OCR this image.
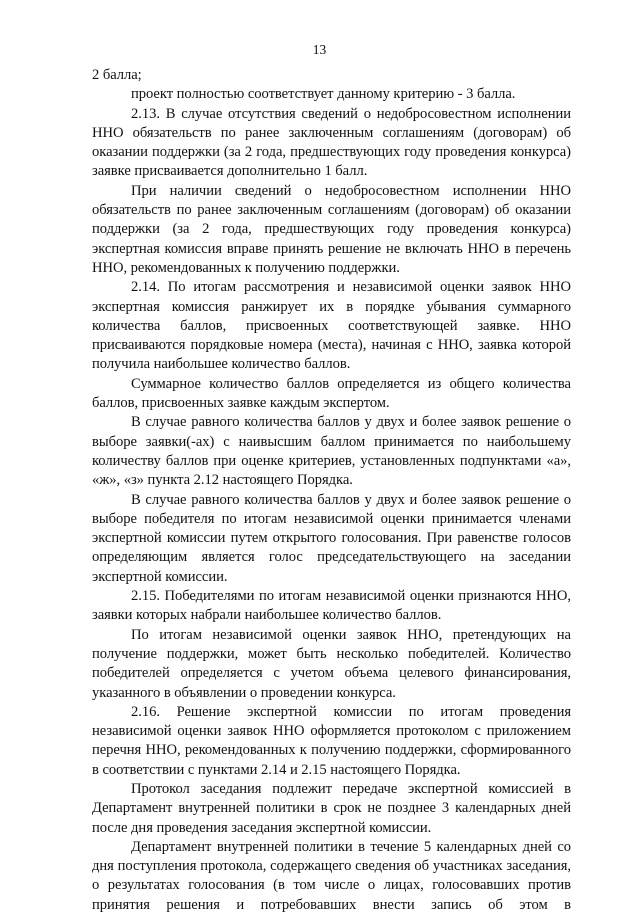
13

2 балла;

проект полностью соответствует данному критерию - 3 балла.

2.13. В случае отсутствия сведений о недобросовестном исполнении ННО обязательств по ранее заключенным соглашениям (договорам) об оказании поддержки (за 2 года, предшествующих году проведения конкурса) заявке присваивается дополнительно 1 балл.

При наличии сведений о недобросовестном исполнении ННО обязательств по ранее заключенным соглашениям (договорам) об оказании поддержки (за 2 года, предшествующих году проведения конкурса) экспертная комиссия вправе принять решение не включать ННО в перечень ННО, рекомендованных к получению поддержки.

2.14. По итогам рассмотрения и независимой оценки заявок ННО экспертная комиссия ранжирует их в порядке убывания суммарного количества баллов, присвоенных соответствующей заявке. ННО присваиваются порядковые номера (места), начиная с ННО, заявка которой получила наибольшее количество баллов.

Суммарное количество баллов определяется из общего количества баллов, присвоенных заявке каждым экспертом.

В случае равного количества баллов у двух и более заявок решение о выборе заявки(-ах) с наивысшим баллом принимается по наибольшему количеству баллов при оценке критериев, установленных подпунктами «а», «ж», «з» пункта 2.12 настоящего Порядка.

В случае равного количества баллов у двух и более заявок решение о выборе победителя по итогам независимой оценки принимается членами экспертной комиссии путем открытого голосования. При равенстве голосов определяющим является голос председательствующего на заседании экспертной комиссии.

2.15. Победителями по итогам независимой оценки признаются ННО, заявки которых набрали наибольшее количество баллов.

По итогам независимой оценки заявок ННО, претендующих на получение поддержки, может быть несколько победителей. Количество победителей определяется с учетом объема целевого финансирования, указанного в объявлении о проведении конкурса.

2.16. Решение экспертной комиссии по итогам проведения независимой оценки заявок ННО оформляется протоколом с приложением перечня ННО, рекомендованных к получению поддержки, сформированного в соответствии с пунктами 2.14 и 2.15 настоящего Порядка.

Протокол заседания подлежит передаче экспертной комиссией в Департамент внутренней политики в срок не позднее 3 календарных дней после дня проведения заседания экспертной комиссии.

Департамент внутренней политики в течение 5 календарных дней со дня поступления протокола, содержащего сведения об участниках заседания, о результатах голосования (в том числе о лицах, голосовавших против принятия решения и потребовавших внести запись об этом в
